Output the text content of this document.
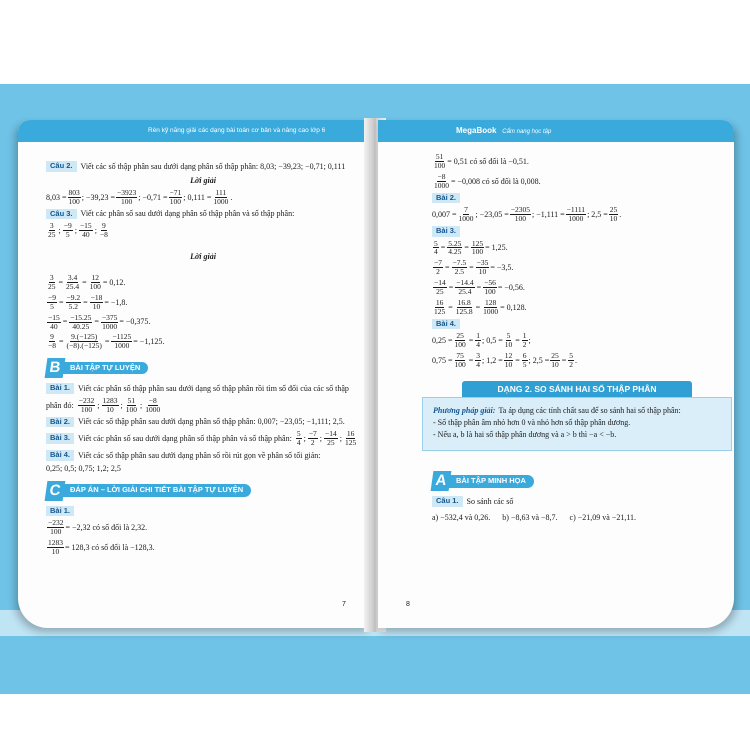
Rèn kỹ năng giải các dạng bài toán cơ bản và nâng cao lớp 6
Câu 2.	Viết các số thập phân sau dưới dạng phân số thập phân: 8,03; −39,23; −0,71; 0,111
Lời giải
$8,03 = \frac{803}{100}$ ; $-39,23 = \frac{-3923}{100}$ ; $-0,71 = \frac{-71}{100}$ ; $0,111 = \frac{111}{1000}$ .
Câu 3.	Viết các phân số sau dưới dạng phân số thập phân và số thập phân:
$\frac{3}{25}$ ; $\frac{-9}{5}$ ; $\frac{-15}{40}$ ; $\frac{9}{-8}$
Lời giải
$\frac{3}{25} = \frac{3.4}{25.4} = \frac{12}{100} = 0,12$.
$\frac{-9}{5} = \frac{-9.2}{5.2} = \frac{-18}{10} = -1,8$.
$\frac{-15}{40} = \frac{-15.25}{40.25} = \frac{-375}{1000} = -0,375$.
$\frac{9}{-8} = \frac{9.(-125)}{(-8).(-125)} = \frac{-1125}{1000} = -1,125$.
B	BÀI TẬP TỰ LUYỆN
Bài 1.	Viết các phân số thập phân sau dưới dạng số thập phân rồi tìm số đối của các số thập
phân đó: $\frac{-232}{100}$ ; $\frac{1283}{10}$ ; $\frac{51}{100}$ ; $\frac{-8}{1000}$
Bài 2.	Viết các số thập phân sau dưới dạng phân số thập phân: 0,007; −23,05; −1,111; 2,5.
Bài 3.	Viết các phân số sau dưới dạng phân số thập phân và số thập phân: $\frac{5}{4}$ ; $\frac{-7}{2}$ ; $\frac{-14}{25}$ ; $\frac{16}{125}$
Bài 4.	Viết các số thập phân sau dưới dạng phân số rồi rút gọn về phân số tối giản:
0,25; 0,5; 0,75; 1,2; 2,5
C	ĐÁP ÁN – LỜI GIẢI CHI TIẾT BÀI TẬP TỰ LUYỆN
Bài 1.
$\frac{-232}{100} = -2,32$ có số đối là 2,32.
$\frac{1283}{10} = 128,3$ có số đối là −128,3.
7
MegaBook Cẩm nang học tập
$\frac{51}{100} = 0,51$ có số đối là −0,51.
$\frac{-8}{1000} = -0,008$ có số đối là 0,008.
Bài 2.
$0,007 = \frac{7}{1000}$ ; $-23,05 = \frac{-2305}{100}$ ; $-1,111 = \frac{-1111}{1000}$ ; $2,5 = \frac{25}{10}$ .
Bài 3.
$\frac{5}{4} = \frac{5.25}{4.25} = \frac{125}{100} = 1,25$.
$\frac{-7}{2} = \frac{-7.5}{2.5} = \frac{-35}{10} = -3,5$.
$\frac{-14}{25} = \frac{-14.4}{25.4} = \frac{-56}{100} = -0,56$.
$\frac{16}{125} = \frac{16.8}{125.8} = \frac{128}{1000} = 0,128$.
Bài 4.
$0,25 = \frac{25}{100} = \frac{1}{4}$ ; $0,5 = \frac{5}{10} = \frac{1}{2}$ ;
$0,75 = \frac{75}{100} = \frac{3}{4}$ ; $1,2 = \frac{12}{10} = \frac{6}{5}$ ; $2,5 = \frac{25}{10} = \frac{5}{2}$ .
DẠNG 2. SO SÁNH HAI SỐ THẬP PHÂN
Phương pháp giải: Ta áp dụng các tính chất sau để so sánh hai số thập phân:
- Số thập phân âm nhỏ hơn 0 và nhỏ hơn số thập phân dương.
- Nếu a, b là hai số thập phân dương và a > b thì −a < −b.
A	BÀI TẬP MINH HỌA
Câu 1.	So sánh các số
a) −532,4 và 0,26. b) −8,63 và −8,7. c) −21,09 và −21,11.
8
